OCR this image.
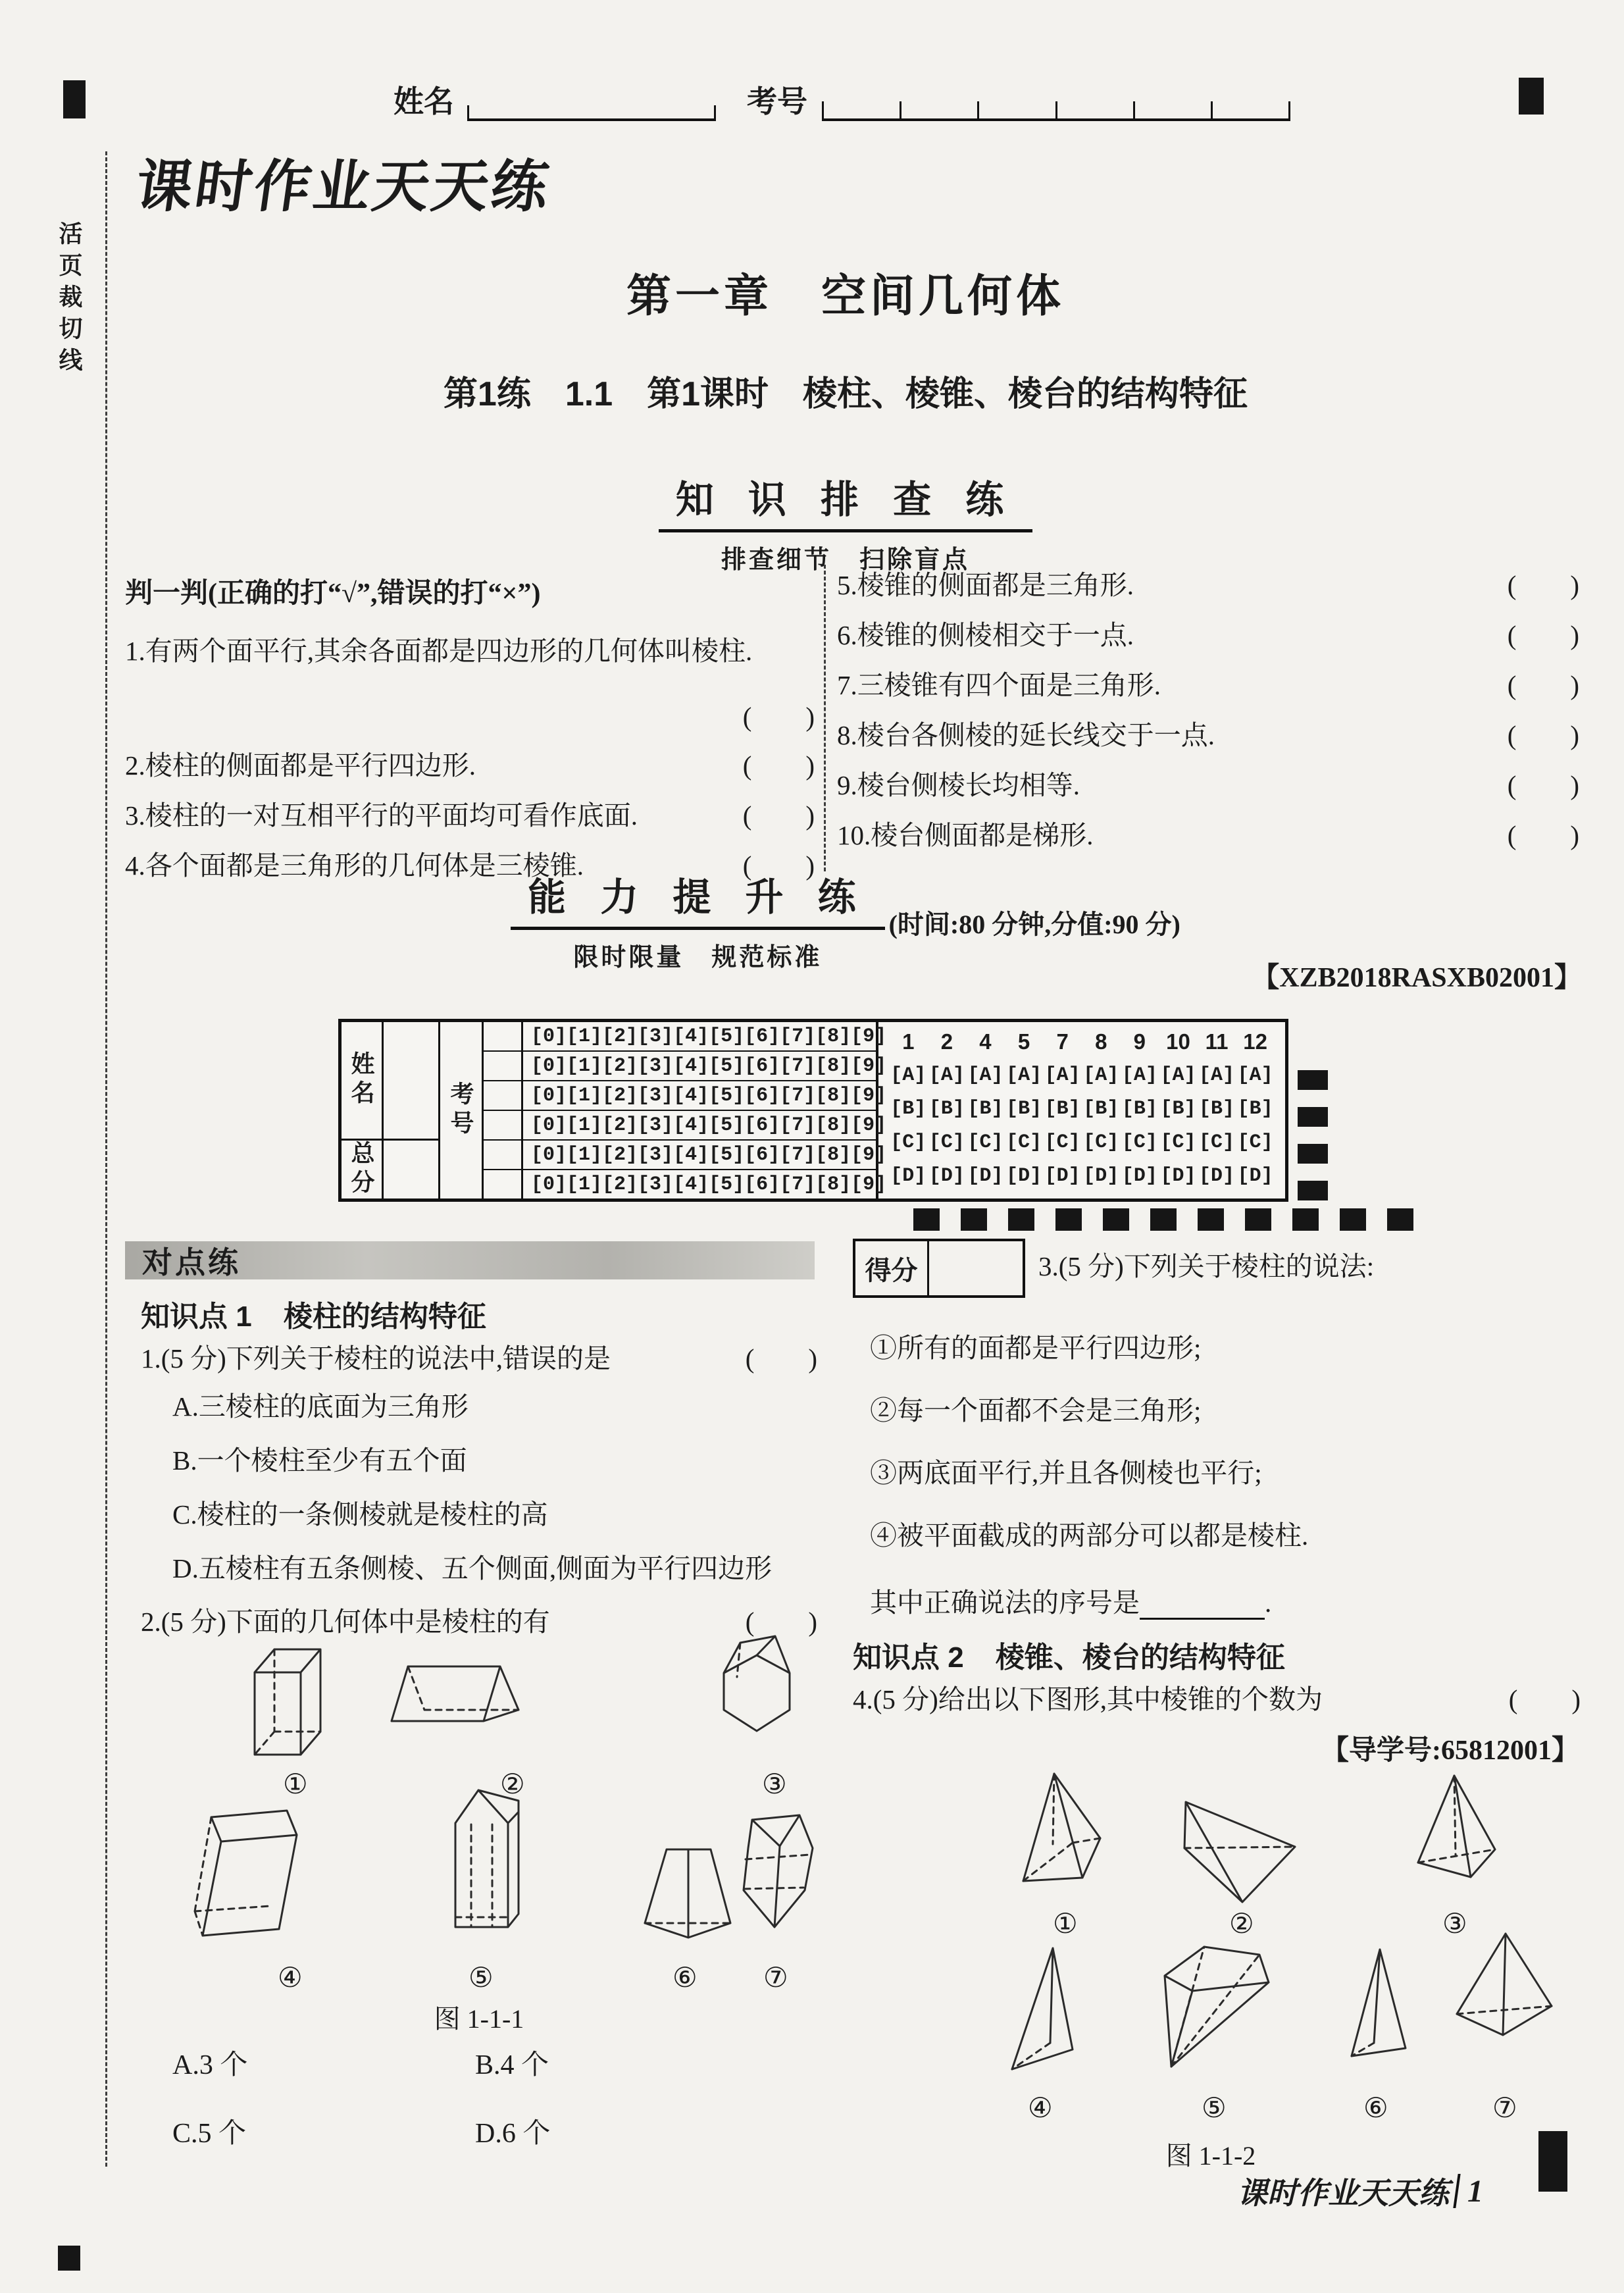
姓名	考号
课时作业天天练
活页裁切线	第一章　空间几何体
第1练　1.1　第1课时　棱柱、棱锥、棱台的结构特征
知 识 排 查 练
排查细节　扫除盲点
判一判(正确的打“√”,错误的打“×”)
1.有两个面平行,其余各面都是四边形的几何体叫棱柱.
(　　)
2.棱柱的侧面都是平行四边形.	(　　)
3.棱柱的一对互相平行的平面均可看作底面.	(　　)
4.各个面都是三角形的几何体是三棱锥.	(　　)
5.棱锥的侧面都是三角形.	(　　)
6.棱锥的侧棱相交于一点.	(　　)
7.三棱锥有四个面是三角形.	(　　)
8.棱台各侧棱的延长线交于一点.	(　　)
9.棱台侧棱长均相等.	(　　)
10.棱台侧面都是梯形.	(　　)
能 力 提 升 练
限时限量　规范标准
(时间:80 分钟,分值:90 分)
【XZB2018RASXB02001】
姓名
总分
考号
[0] [1] [2] [3] [4] [5] [6] [7] [8] [9]
[0] [1] [2] [3] [4] [5] [6] [7] [8] [9]
[0] [1] [2] [3] [4] [5] [6] [7] [8] [9]
[0] [1] [2] [3] [4] [5] [6] [7] [8] [9]
[0] [1] [2] [3] [4] [5] [6] [7] [8] [9]
[0] [1] [2] [3] [4] [5] [6] [7] [8] [9]
1	2	4	5	7	8	9 10 11 12
[A] [A] [A] [A] [A] [A] [A] [A] [A] [A]
[B] [B] [B] [B] [B] [B] [B] [B] [B] [B]
[C] [C] [C] [C] [C] [C] [C] [C] [C] [C]
[D] [D] [D] [D] [D] [D] [D] [D] [D] [D]
对点练
知识点 1 棱柱的结构特征
1.(5 分)下列关于棱柱的说法中,错误的是	(　　)
A.三棱柱的底面为三角形
B.一个棱柱至少有五个面
C.棱柱的一条侧棱就是棱柱的高
D.五棱柱有五条侧棱、五个侧面,侧面为平行四边形
2.(5 分)下面的几何体中是棱柱的有	(　　)
①	②	③
④	⑤	⑥ ⑦
图 1-1-1
A.3 个	B.4 个
C.5 个	D.6 个
得分	3.(5 分)下列关于棱柱的说法:
①所有的面都是平行四边形;
②每一个面都不会是三角形;
③两底面平行,并且各侧棱也平行;
④被平面截成的两部分可以都是棱柱.
其中正确说法的序号是	.
知识点 2 棱锥、棱台的结构特征
4.(5 分)给出以下图形,其中棱锥的个数为	(　　)
【导学号:65812001】
①	②	③
④	⑤	⑥	⑦
图 1-1-2
课时作业天天练 1
